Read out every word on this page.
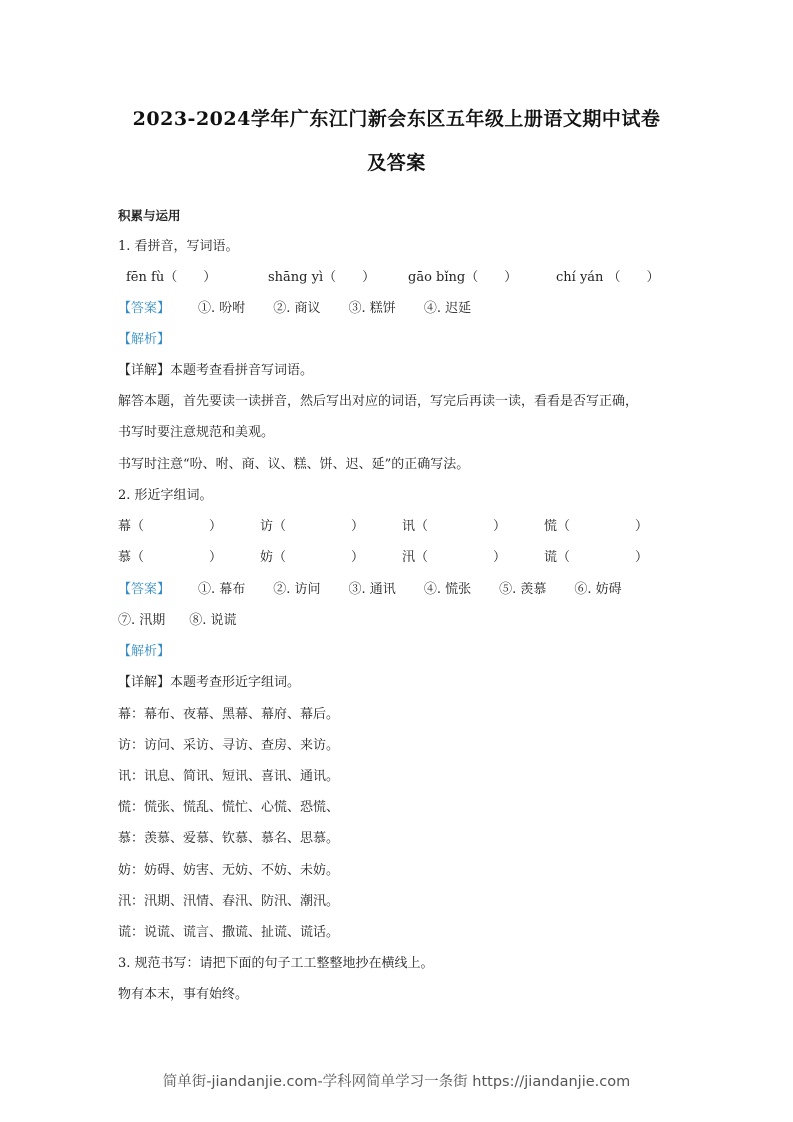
2023-2024学年广东江门新会东区五年级上册语文期中试卷
及答案
积累与运用
1. 看拼音，写词语。
fēn fù（　　）	shāng yì（　　）	gāo bǐng（　　）	chí yán （　　）
【答案】 ①. 吩咐 ②. 商议 ③. 糕饼 ④. 迟延
【解析】
【详解】本题考查看拼音写词语。
解答本题，首先要读一读拼音，然后写出对应的词语，写完后再读一读，看看是否写正确，
书写时要注意规范和美观。
书写时注意“吩、咐、商、议、糕、饼、迟、延”的正确写法。
2. 形近字组词。
幕（　　　　　）	访（　　　　　）	讯（　　　　　）	慌（　　　　　）
慕（　　　　　）	妨（　　　　　）	汛（　　　　　）	谎（　　　　　）
【答案】 ①. 幕布 ②. 访问 ③. 通讯 ④. 慌张 ⑤. 羡慕 ⑥. 妨碍
⑦. 汛期 ⑧. 说谎
【解析】
【详解】本题考查形近字组词。
幕：幕布、夜幕、黑幕、幕府、幕后。
访：访问、采访、寻访、查房、来访。
讯：讯息、简讯、短讯、喜讯、通讯。
慌：慌张、慌乱、慌忙、心慌、恐慌、
慕：羡慕、爱慕、钦慕、慕名、思慕。
妨：妨碍、妨害、无妨、不妨、未妨。
汛：汛期、汛情、春汛、防汛、潮汛。
谎：说谎、谎言、撒谎、扯谎、谎话。
3. 规范书写：请把下面的句子工工整整地抄在横线上。
物有本末，事有始终。
简单街-jiandanjie.com-学科网简单学习一条街 https://jiandanjie.com
